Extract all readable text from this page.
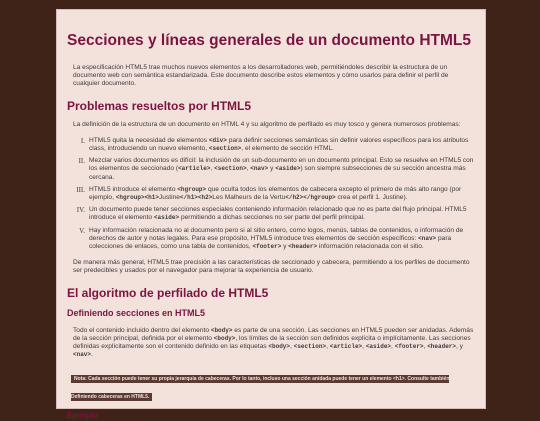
Secciones y líneas generales de un documento HTML5

La especificación HTML5 trae muchos nuevos elementos a los desarrolladores web, permitiéndoles describir la estructura de un documento web con semántica estandarizada. Este documento describe estos elementos y cómo usarlos para definir el perfil de cualquier documento.

Problemas resueltos por HTML5

La definición de la estructura de un documento en HTML 4 y su algoritmo de perfilado es muy tosco y genera numerosos problemas:

I. HTML5 quita la necesidad de elementos <div> para definir secciones semánticas sin definir valores específicos para los atributos class, introduciendo un nuevo elemento, <section>, el elemento de sección HTML.
II. Mezclar varios documentos es difícil: la inclusión de un sub-documento en un documento principal. Esto se resuelve en HTML5 con los elementos de seccionado (<article>, <section>, <nav> y <aside>) son siempre subsecciones de su sección ancestra más cercana.
III. HTML5 introduce el elemento <hgroup> que oculta todos los elementos de cabecera excepto el primero de más alto rango (por ejemplo, <hgroup><h1>Justine</h1><h2>Les Malheurs de la Vertu</h2></hgroup> crea el perfil 1. Justine).
IV. Un documento puede tener secciones especiales conteniendo información relacionado que no es parte del flujo principal. HTML5 introduce el elemento <aside> permitiendo a dichas secciones no ser parte del perfil principal.
V. Hay información relacionada no al documento pero si al sitio entero, como logos, menús, tablas de contenidos, o información de derechos de autor y notas legales. Para ese propósito, HTML5 introduce tres elementos de sección específicos: <nav> para colecciones de enlaces, como una tabla de contenidos, <footer> y <header> información relacionada con el sitio.

De manera más general, HTML5 trae precisión a las características de seccionado y cabecera, permitiendo a los perfiles de documento ser predecibles y usados por el navegador para mejorar la experiencia de usuario.

El algoritmo de perfilado de HTML5
Definiendo secciones en HTML5

Todo el contenido incluido dentro del elemento <body> es parte de una sección. Las secciones en HTML5 pueden ser anidadas. Además de la sección principal, definida por el elemento <body>, los límites de la sección son definidos explícita o implícitamente. Las secciones definidas explícitamente son el contenido definido en las etiquetas <body>, <section>, <article>, <aside>, <footer>, <header>, y <nav>.

Nota: Cada sección puede tener su propia jerarquía de cabeceras. Por lo tanto, incluso una sección anidada puede tener un elemento <h1>. Consulte también Definiendo cabeceras en HTML5.
Ejemplo
